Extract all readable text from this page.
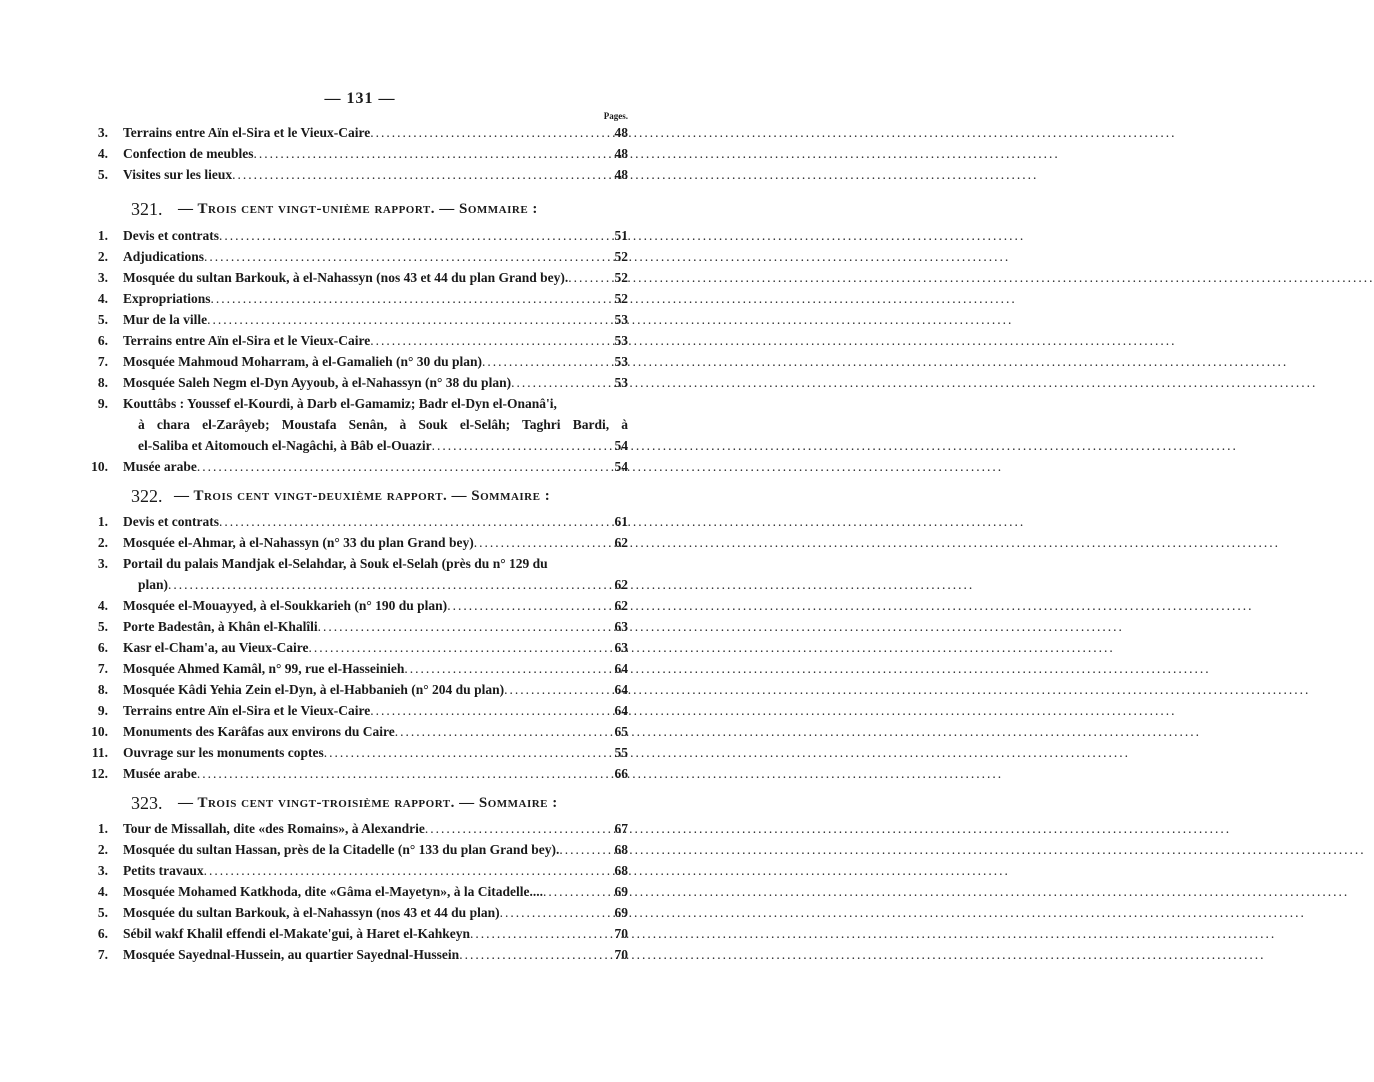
— 131 —
Pages.
3. Terrains entre Aïn el-Sira et le Vieux-Caire .....	48
4. Confection de meubles .....	48
5. Visites sur les lieux .....	48
321. — Trois cent vingt-unième rapport. — Sommaire :
1. Devis et contrats .....	51
2. Adjudications .....	52
3. Mosquée du sultan Barkouk, à el-Nahassyn (nos 43 et 44 du plan Grand bey). .....	52
4. Expropriations .....	52
5. Mur de la ville .....	53
6. Terrains entre Aïn el-Sira et le Vieux-Caire .....	53
7. Mosquée Mahmoud Moharram, à el-Gamalieh (n° 30 du plan) .....	53
8. Mosquée Saleh Negm el-Dyn Ayyoub, à el-Nahassyn (n° 38 du plan) .....	53
9. Kouttâbs : Youssef el-Kourdi, à Darb el-Gamamiz; Badr el-Dyn el-Onanâ'i,
à chara el-Zarâyeb; Moustafa Senân, à Souk el-Selâh; Taghri Bardi, à
el-Saliba et Aitomouch el-Nagâchi, à Bâb el-Ouazir .....	54
10. Musée arabe .....	54
322. — Trois cent vingt-deuxième rapport. — Sommaire :
1. Devis et contrats .....	61
2. Mosquée el-Ahmar, à el-Nahassyn (n° 33 du plan Grand bey) .....	62
3. Portail du palais Mandjak el-Selahdar, à Souk el-Selah (près du n° 129 du
plan) .....	62
4. Mosquée el-Mouayyed, à el-Soukkarieh (n° 190 du plan) .....	62
5. Porte Badestân, à Khân el-Khalîli .....	63
6. Kasr el-Cham'a, au Vieux-Caire .....	63
7. Mosquée Ahmed Kamâl, n° 99, rue el-Hasseinieh .....	64
8. Mosquée Kâdi Yehia Zein el-Dyn, à el-Habbanieh (n° 204 du plan) .....	64
9. Terrains entre Aïn el-Sira et le Vieux-Caire .....	64
10. Monuments des Karâfas aux environs du Caire .....	65
11. Ouvrage sur les monuments coptes .....	55
12. Musée arabe .....	66
323. — Trois cent vingt-troisième rapport. — Sommaire :
1. Tour de Missallah, dite «des Romains», à Alexandrie .....	67
2. Mosquée du sultan Hassan, près de la Citadelle (n° 133 du plan Grand bey). .....	68
3. Petits travaux .....	68
4. Mosquée Mohamed Katkhoda, dite «Gâma el-Mayetyn», à la Citadelle.... .....	69
5. Mosquée du sultan Barkouk, à el-Nahassyn (nos 43 et 44 du plan) .....	69
6. Sébil wakf Khalil effendi el-Makate'gui, à Haret el-Kahkeyn .....	70
7. Mosquée Sayednal-Hussein, au quartier Sayednal-Hussein .....	70
